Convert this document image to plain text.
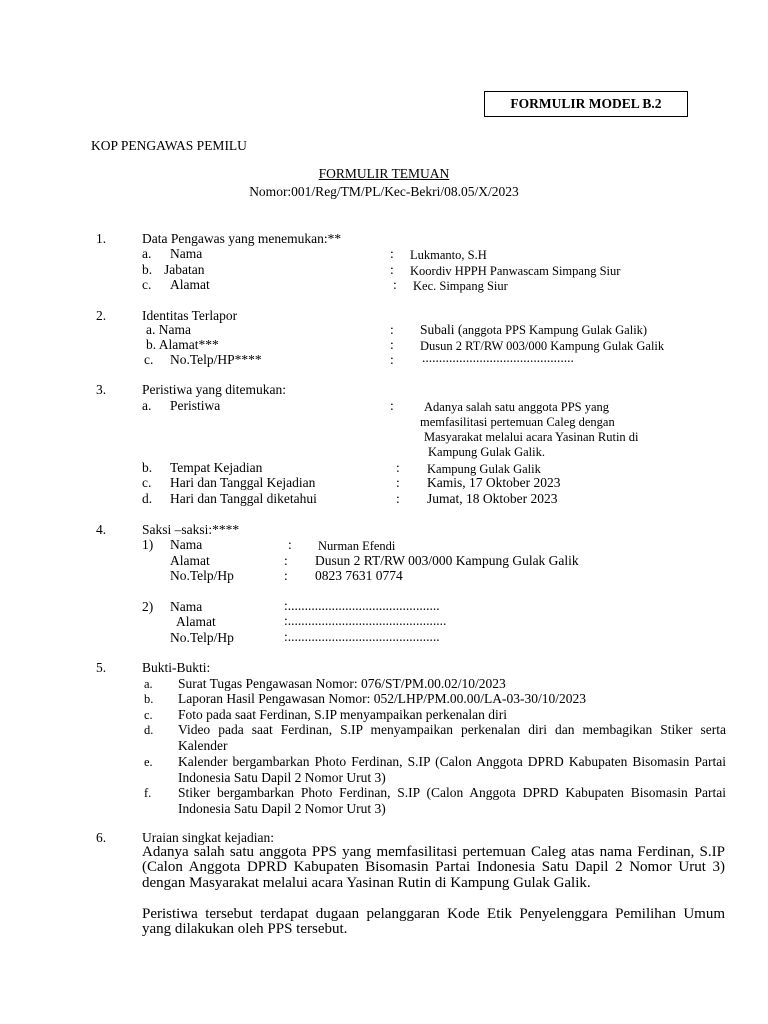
FORMULIR MODEL B.2
KOP PENGAWAS PEMILU
FORMULIR TEMUAN
Nomor:001/Reg/TM/PL/Kec-Bekri/08.05/X/2023
1.	Data Pengawas yang menemukan:**
a. Nama	: Lukmanto, S.H
b. Jabatan	: Koordiv HPPH Panwascam Simpang Siur
c. Alamat	: Kec. Simpang Siur
2.	Identitas Terlapor
a. Nama	: Subali (anggota PPS Kampung Gulak Galik)
b. Alamat***	: Dusun 2 RT/RW 003/000 Kampung Gulak Galik
c. No.Telp/HP****	: .............................................
3.	Peristiwa yang ditemukan:
a. Peristiwa	: Adanya salah satu anggota PPS yang
memfasilitasi pertemuan Caleg dengan
Masyarakat melalui acara Yasinan Rutin di
Kampung Gulak Galik.
b. Tempat Kejadian	: Kampung Gulak Galik
c. Hari dan Tanggal Kejadian	: Kamis, 17 Oktober 2023
d. Hari dan Tanggal diketahui	: Jumat, 18 Oktober 2023
4.	Saksi –saksi:****
1) Nama	: Nurman Efendi
Alamat	: Dusun 2 RT/RW 003/000 Kampung Gulak Galik
No.Telp/Hp	: 0823 7631 0774
2) Nama	:.............................................
Alamat	:...............................................
No.Telp/Hp	:.............................................
5.	Bukti-Bukti:
a. Surat Tugas Pengawasan Nomor: 076/ST/PM.00.02/10/2023
b. Laporan Hasil Pengawasan Nomor: 052/LHP/PM.00.00/LA-03-30/10/2023
c. Foto pada saat Ferdinan, S.IP menyampaikan perkenalan diri
d. Video pada saat Ferdinan, S.IP menyampaikan perkenalan diri dan membagikan Stiker serta Kalender
e. Kalender bergambarkan Photo Ferdinan, S.IP (Calon Anggota DPRD Kabupaten Bisomasin Partai Indonesia Satu Dapil 2 Nomor Urut 3)
f. Stiker bergambarkan Photo Ferdinan, S.IP (Calon Anggota DPRD Kabupaten Bisomasin Partai Indonesia Satu Dapil 2 Nomor Urut 3)
6.	Uraian singkat kejadian:
Adanya salah satu anggota PPS yang memfasilitasi pertemuan Caleg atas nama Ferdinan, S.IP (Calon Anggota DPRD Kabupaten Bisomasin Partai Indonesia Satu Dapil 2 Nomor Urut 3) dengan Masyarakat melalui acara Yasinan Rutin di Kampung Gulak Galik.
Peristiwa tersebut terdapat dugaan pelanggaran Kode Etik Penyelenggara Pemilihan Umum yang dilakukan oleh PPS tersebut.
